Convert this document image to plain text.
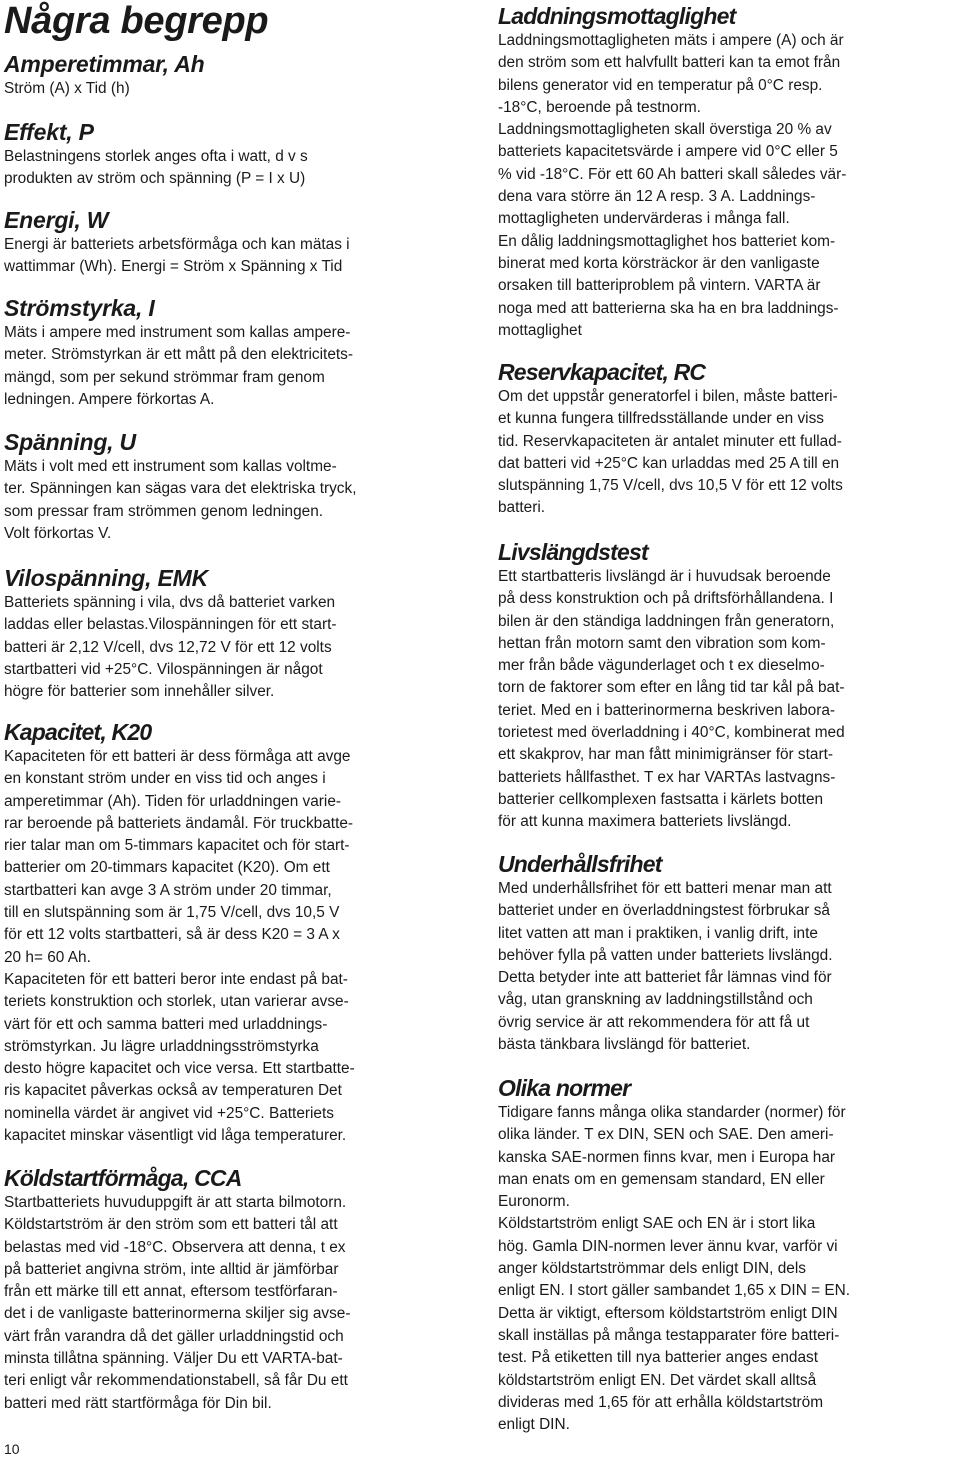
Några begrepp
Amperetimmar, Ah

Ström (A) x Tid (h)

Effekt, P

Belastningens storlek anges ofta i watt, d v s

produkten av ström och spänning (P = I x U)

Energi, W

Energi är batteriets arbetsförmåga och kan mätas i

wattimmar (Wh). Energi = Ström x Spänning x Tid

Strömstyrka, I

Mäts i ampere med instrument som kallas ampere-

meter. Strömstyrkan är ett mått på den elektricitets-

mängd, som per sekund strömmar fram genom

ledningen. Ampere förkortas A.

Spänning, U

Mäts i volt med ett instrument som kallas voltme-

ter. Spänningen kan sägas vara det elektriska tryck,

som pressar fram strömmen genom ledningen.

Volt förkortas V.

Vilospänning, EMK

Batteriets spänning i vila, dvs då batteriet varken

laddas eller belastas.Vilospänningen för ett start-

batteri är 2,12 V/cell, dvs 12,72 V för ett 12 volts

startbatteri vid +25°C. Vilospänningen är något

högre för batterier som innehåller silver.

Kapacitet, K20

Kapaciteten för ett batteri är dess förmåga att avge

en konstant ström under en viss tid och anges i

amperetimmar (Ah). Tiden för urladdningen varie-

rar beroende på batteriets ändamål. För truckbatte-

rier talar man om 5-timmars kapacitet och för start-

batterier om 20-timmars kapacitet (K20). Om ett

startbatteri kan avge 3 A ström under 20 timmar,

till en slutspänning som är 1,75 V/cell, dvs 10,5 V

för ett 12 volts startbatteri, så är dess K20 = 3 A x

20 h= 60 Ah.

Kapaciteten för ett batteri beror inte endast på bat-

teriets konstruktion och storlek, utan varierar avse-

värt för ett och samma batteri med urladdnings-

strömstyrkan. Ju lägre urladdningsströmstyrka

desto högre kapacitet och vice versa. Ett startbatte-

ris kapacitet påverkas också av temperaturen Det

nominella värdet är angivet vid +25°C. Batteriets

kapacitet minskar väsentligt vid låga temperaturer.

Köldstartförmåga, CCA

Startbatteriets huvuduppgift är att starta bilmotorn.

Köldstartström är den ström som ett batteri tål att

belastas med vid -18°C. Observera att denna, t ex

på batteriet angivna ström, inte alltid är jämförbar

från ett märke till ett annat, eftersom testförfaran-

det i de vanligaste batterinormerna skiljer sig avse-

värt från varandra då det gäller urladdningstid och

minsta tillåtna spänning. Väljer Du ett VARTA-bat-

teri enligt vår rekommendationstabell, så får Du ett

batteri med rätt startförmåga för Din bil.

Laddningsmottaglighet

Laddningsmottagligheten mäts i ampere (A) och är

den ström som ett halvfullt batteri kan ta emot från

bilens generator vid en temperatur på 0°C resp.

-18°C, beroende på testnorm.

Laddningsmottagligheten skall överstiga 20 % av

batteriets kapacitetsvärde i ampere vid 0°C eller 5

% vid -18°C. För ett 60 Ah batteri skall således vär-

dena vara större än 12 A resp. 3 A. Laddnings-

mottagligheten undervärderas i många fall.

En dålig laddningsmottaglighet hos batteriet kom-

binerat med korta körsträckor är den vanligaste

orsaken till batteriproblem på vintern. VARTA är

noga med att batterierna ska ha en bra laddnings-

mottaglighet

Reservkapacitet, RC

Om det uppstår generatorfel i bilen, måste batteri-

et kunna fungera tillfredsställande under en viss

tid. Reservkapaciteten är antalet minuter ett fullad-

dat batteri vid +25°C kan urladdas med 25 A till en

slutspänning 1,75 V/cell, dvs 10,5 V för ett 12 volts

batteri.

Livslängdstest

Ett startbatteris livslängd är i huvudsak beroende

på dess konstruktion och på driftsförhållandena. I

bilen är den ständiga laddningen från generatorn,

hettan från motorn samt den vibration som kom-

mer från både vägunderlaget och t ex dieselmo-

torn de faktorer som efter en lång tid tar kål på bat-

teriet. Med en i batterinormerna beskriven labora-

torietest med överladdning i 40°C, kombinerat med

ett skakprov, har man fått minimigränser för start-

batteriets hållfasthet. T ex har VARTAs lastvagns-

batterier cellkomplexen fastsatta i kärlets botten

för att kunna maximera batteriets livslängd.

Underhållsfrihet

Med underhållsfrihet för ett batteri menar man att

batteriet under en överladdningstest förbrukar så

litet vatten att man i praktiken, i vanlig drift, inte

behöver fylla på vatten under batteriets livslängd.

Detta betyder inte att batteriet får lämnas vind för

våg, utan granskning av laddningstillstånd och

övrig service är att rekommendera för att få ut

bästa tänkbara livslängd för batteriet.

Olika normer

Tidigare fanns många olika standarder (normer) för

olika länder. T ex DIN, SEN och SAE. Den ameri-

kanska SAE-normen finns kvar, men i Europa har

man enats om en gemensam standard, EN eller

Euronorm.

Köldstartström enligt SAE och EN är i stort lika

hög. Gamla DIN-normen lever ännu kvar, varför vi

anger köldstartströmmar dels enligt DIN, dels

enligt EN. I stort gäller sambandet 1,65 x DIN = EN.

Detta är viktigt, eftersom köldstartström enligt DIN

skall inställas på många testapparater före batteri-

test. På etiketten till nya batterier anges endast

köldstartström enligt EN. Det värdet skall alltså

divideras med 1,65 för att erhålla köldstartström

enligt DIN.

10
